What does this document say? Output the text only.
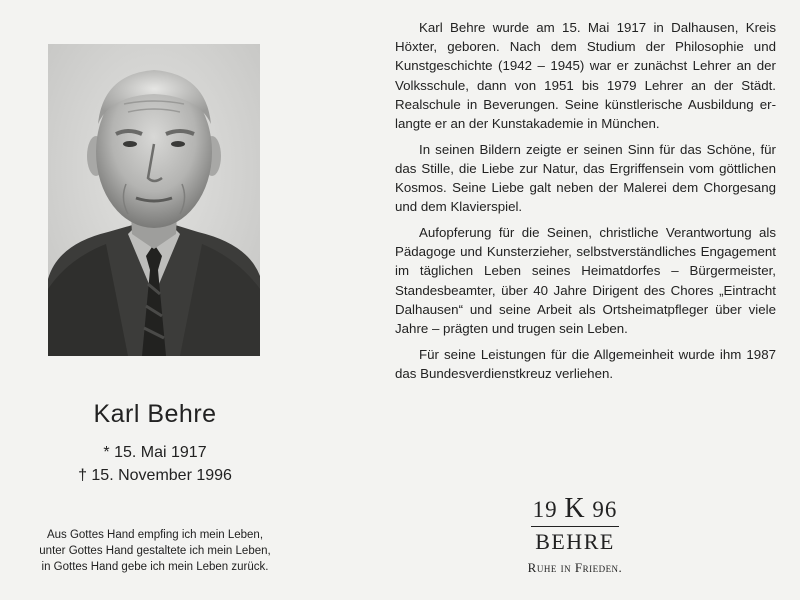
Karl Behre
* 15. Mai 1917
† 15. November 1996
Aus Gottes Hand empfing ich mein Leben,
unter Gottes Hand gestaltete ich mein Leben,
in Gottes Hand gebe ich mein Leben zurück.

Karl Behre wurde am 15. Mai 1917 in Dalhausen, Kreis Höxter, geboren. Nach dem Studium der Philosophie und Kunstgeschichte (1942 – 1945) war er zunächst Lehrer an der Volksschule, dann von 1951 bis 1979 Lehrer an der Städt. Realschule in Beverungen. Seine künstlerische Ausbildung erlangte er an der Kunstakademie in München.

In seinen Bildern zeigte er seinen Sinn für das Schöne, für das Stille, die Liebe zur Natur, das Ergriffensein vom göttlichen Kosmos. Seine Liebe galt neben der Malerei dem Chorgesang und dem Klavierspiel.

Aufopferung für die Seinen, christliche Verantwortung als Pädagoge und Kunsterzieher, selbstverständliches Engagement im täglichen Leben seines Heimatdorfes – Bürgermeister, Standesbeamter, über 40 Jahre Dirigent des Chores „Eintracht Dalhausen“ und seine Arbeit als Ortsheimatpfleger über viele Jahre – prägten und trugen sein Leben.

Für seine Leistungen für die Allgemeinheit wurde ihm 1987 das Bundesverdienstkreuz verliehen.

19 K 96
BEHRE
Ruhe in Frieden.
